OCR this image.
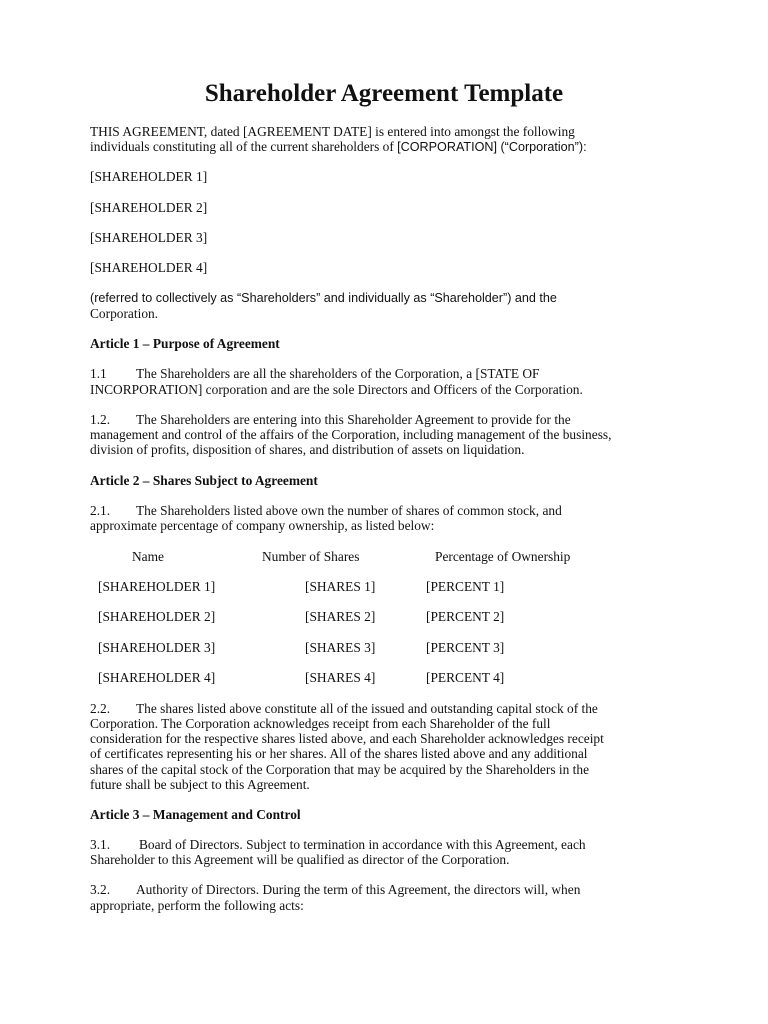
Shareholder Agreement Template
THIS AGREEMENT, dated [AGREEMENT DATE] is entered into amongst the following
individuals constituting all of the current shareholders of [CORPORATION] (“Corporation”):
[SHAREHOLDER 1]
[SHAREHOLDER 2]
[SHAREHOLDER 3]
[SHAREHOLDER 4]
(referred to collectively as “Shareholders” and individually as “Shareholder”) and the
Corporation.
Article 1 – Purpose of Agreement
1.1 The Shareholders are all the shareholders of the Corporation, a [STATE OF
INCORPORATION] corporation and are the sole Directors and Officers of the Corporation.
1.2. The Shareholders are entering into this Shareholder Agreement to provide for the
management and control of the affairs of the Corporation, including management of the business,
division of profits, disposition of shares, and distribution of assets on liquidation.
Article 2 – Shares Subject to Agreement
2.1. The Shareholders listed above own the number of shares of common stock, and
approximate percentage of company ownership, as listed below:
Name	Number of Shares	Percentage of Ownership
[SHAREHOLDER 1]	[SHARES 1]	[PERCENT 1]
[SHAREHOLDER 2]	[SHARES 2]	[PERCENT 2]
[SHAREHOLDER 3]	[SHARES 3]	[PERCENT 3]
[SHAREHOLDER 4]	[SHARES 4]	[PERCENT 4]
2.2. The shares listed above constitute all of the issued and outstanding capital stock of the
Corporation. The Corporation acknowledges receipt from each Shareholder of the full
consideration for the respective shares listed above, and each Shareholder acknowledges receipt
of certificates representing his or her shares. All of the shares listed above and any additional
shares of the capital stock of the Corporation that may be acquired by the Shareholders in the
future shall be subject to this Agreement.
Article 3 – Management and Control
3.1. Board of Directors. Subject to termination in accordance with this Agreement, each
Shareholder to this Agreement will be qualified as director of the Corporation.
3.2. Authority of Directors. During the term of this Agreement, the directors will, when
appropriate, perform the following acts:
